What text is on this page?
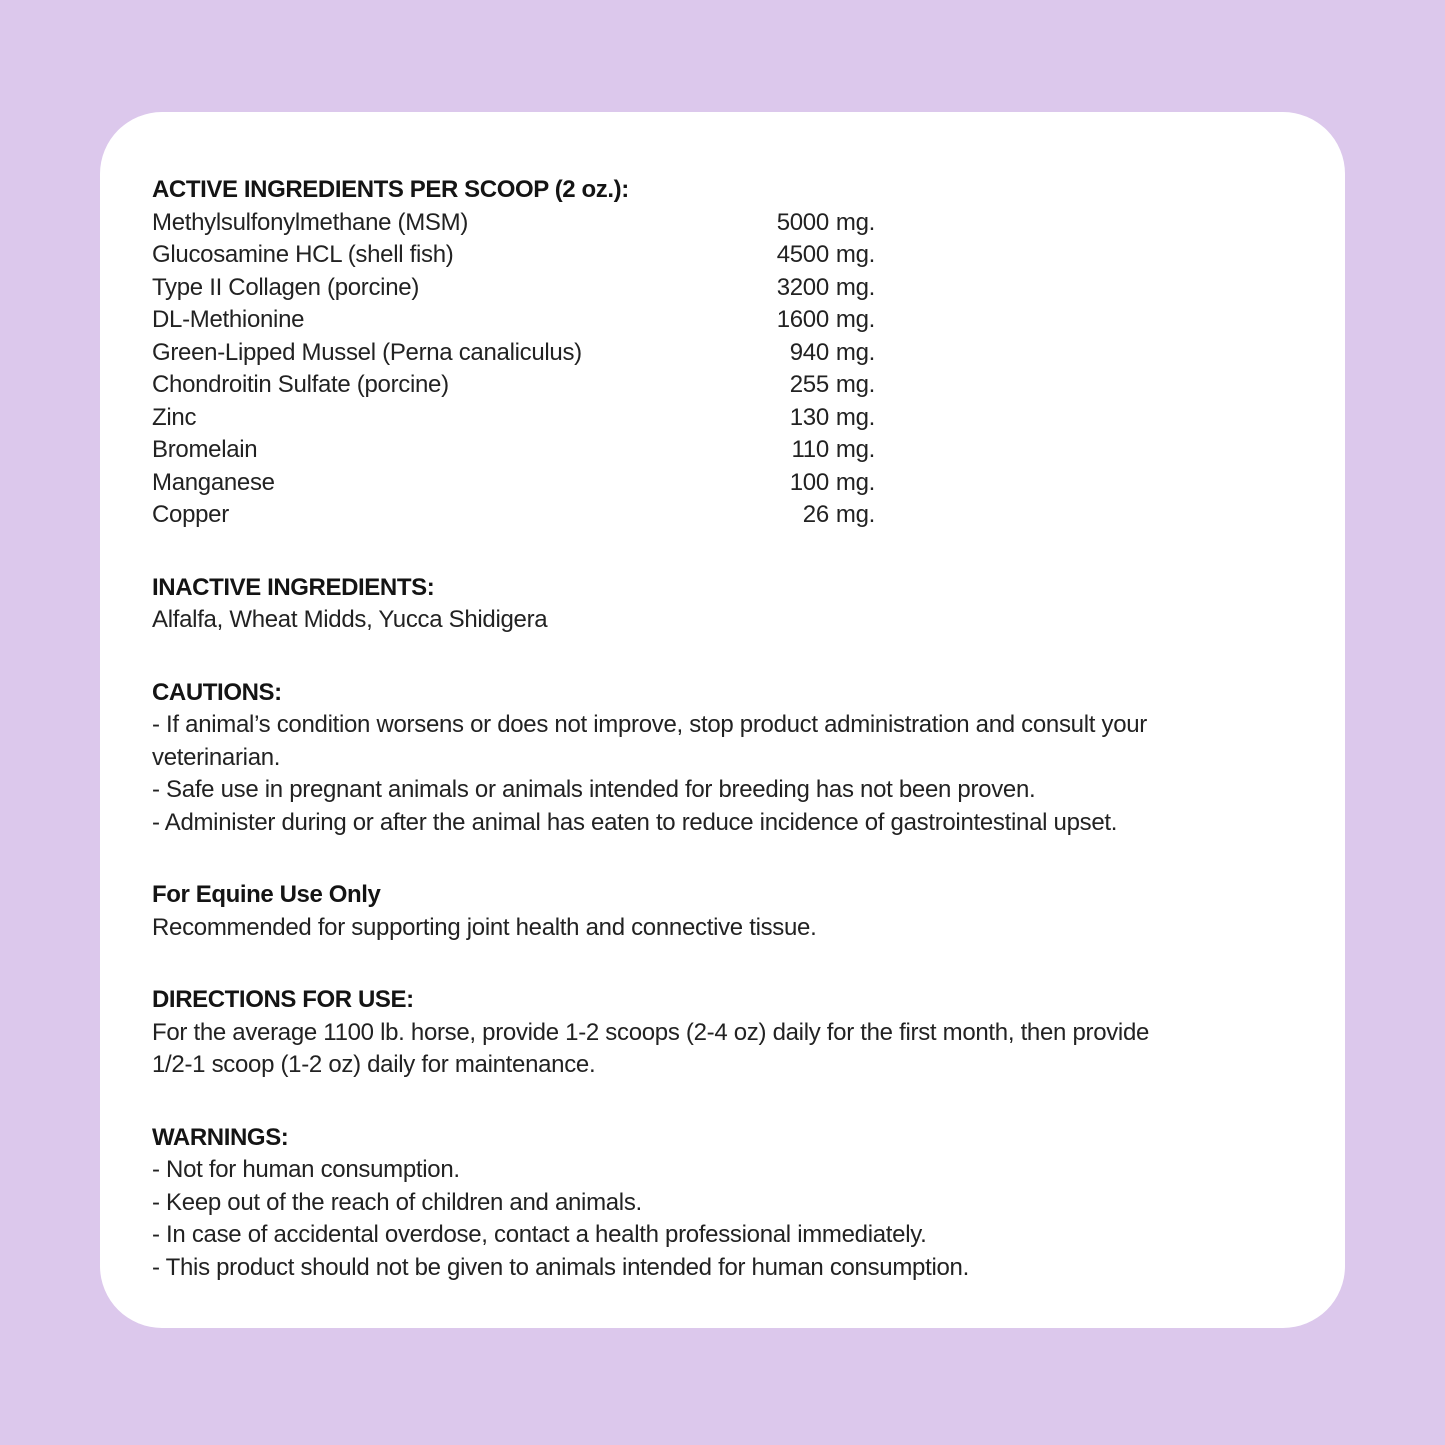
ACTIVE INGREDIENTS PER SCOOP (2 oz.):
Methylsulfonylmethane (MSM)	5000 mg.
Glucosamine HCL (shell fish)	4500 mg.
Type II Collagen (porcine)	3200 mg.
DL-Methionine	1600 mg.
Green-Lipped Mussel (Perna canaliculus)	940 mg.
Chondroitin Sulfate (porcine)	255 mg.
Zinc	130 mg.
Bromelain	110 mg.
Manganese	100 mg.
Copper	26 mg.
INACTIVE INGREDIENTS:
Alfalfa, Wheat Midds, Yucca Shidigera
CAUTIONS:
- If animal’s condition worsens or does not improve, stop product administration and consult your
veterinarian.
- Safe use in pregnant animals or animals intended for breeding has not been proven.
- Administer during or after the animal has eaten to reduce incidence of gastrointestinal upset.
For Equine Use Only
Recommended for supporting joint health and connective tissue.
DIRECTIONS FOR USE:
For the average 1100 lb. horse, provide 1-2 scoops (2-4 oz) daily for the first month, then provide
1/2-1 scoop (1-2 oz) daily for maintenance.
WARNINGS:
- Not for human consumption.
- Keep out of the reach of children and animals.
- In case of accidental overdose, contact a health professional immediately.
- This product should not be given to animals intended for human consumption.
